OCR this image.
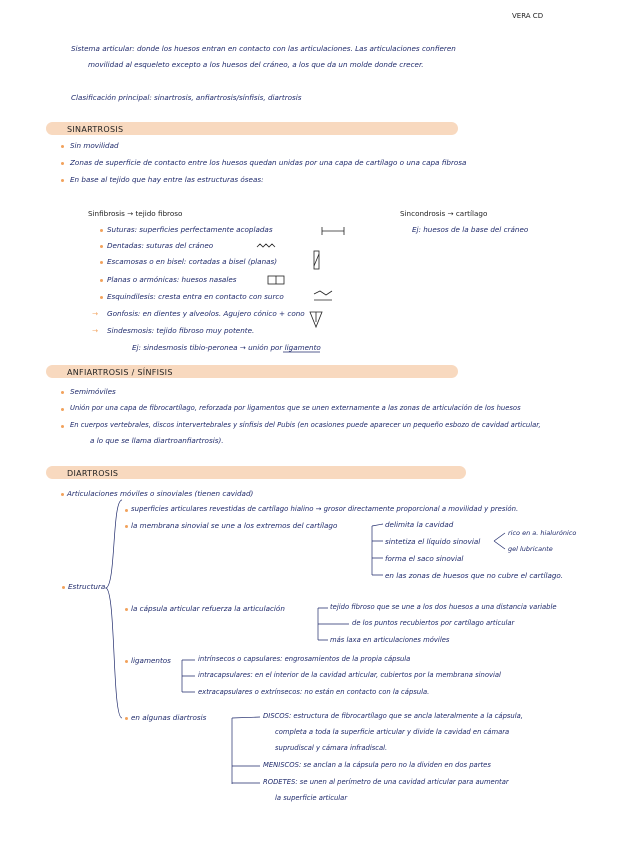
VERA CD
Sistema articular: donde los huesos entran en contacto con las articulaciones. Las articulaciones confieren
movilidad al esqueleto excepto a los huesos del cráneo, a los que da un molde donde crecer.
Clasificación principal: sinartrosis, anfiartrosis/sínfisis, diartrosis
SINARTROSIS
Sin movilidad
Zonas de superficie de contacto entre los huesos quedan unidas por una capa de cartílago o una capa fibrosa
En base al tejido que hay entre las estructuras óseas:
Sinfibrosis → tejido fibroso	Sincondrosis → cartílago
Ej: huesos de la base del cráneo
Suturas: superficies perfectamente acopladas
Dentadas: suturas del cráneo
Escamosas o en bisel: cortadas a bisel (planas)
Planas o armónicas: huesos nasales
Esquindilesis: cresta entra en contacto con surco
→ Gonfosis: en dientes y alveolos. Agujero cónico + cono
→ Sindesmosis: tejido fibroso muy potente.
Ej: sindesmosis tibio-peronea → unión por ligamento
ANFIARTROSIS / SÍNFISIS
Semimóviles
Unión por una capa de fibrocartílago, reforzada por ligamentos que se unen externamente a las zonas de articulación de los huesos
En cuerpos vertebrales, discos intervertebrales y sínfisis del Pubis (en ocasiones puede aparecer un pequeño esbozo de cavidad articular,
a lo que se llama diartroanfiartrosis).
DIARTROSIS
Articulaciones móviles o sinoviales (tienen cavidad)
Estructura
superficies articulares revestidas de cartílago hialino → grosor directamente proporcional a movilidad y presión.
la membrana sinovial se une a los extremos del cartílago	delimita la cavidad
sintetiza el líquido sinovial
forma el saco sinovial
en las zonas de huesos que no cubre el cartílago.
rico en a. hialurónico
gel lubricante
la cápsula articular refuerza la articulación	tejido fibroso que se une a los dos huesos a una distancia variable
de los puntos recubiertos por cartílago articular
más laxa en articulaciones móviles
ligamentos	intrínsecos o capsulares: engrosamientos de la propia cápsula
intracapsulares: en el interior de la cavidad articular, cubiertos por la membrana sinovial
extracapsulares o extrínsecos: no están en contacto con la cápsula.
en algunas diartrosis	DISCOS: estructura de fibrocartílago que se ancla lateralmente a la cápsula,
completa a toda la superficie articular y divide la cavidad en cámara
suprudiscal y cámara infradiscal.
MENISCOS: se anclan a la cápsula pero no la dividen en dos partes
RODETES: se unen al perímetro de una cavidad articular para aumentar
la superficie articular
